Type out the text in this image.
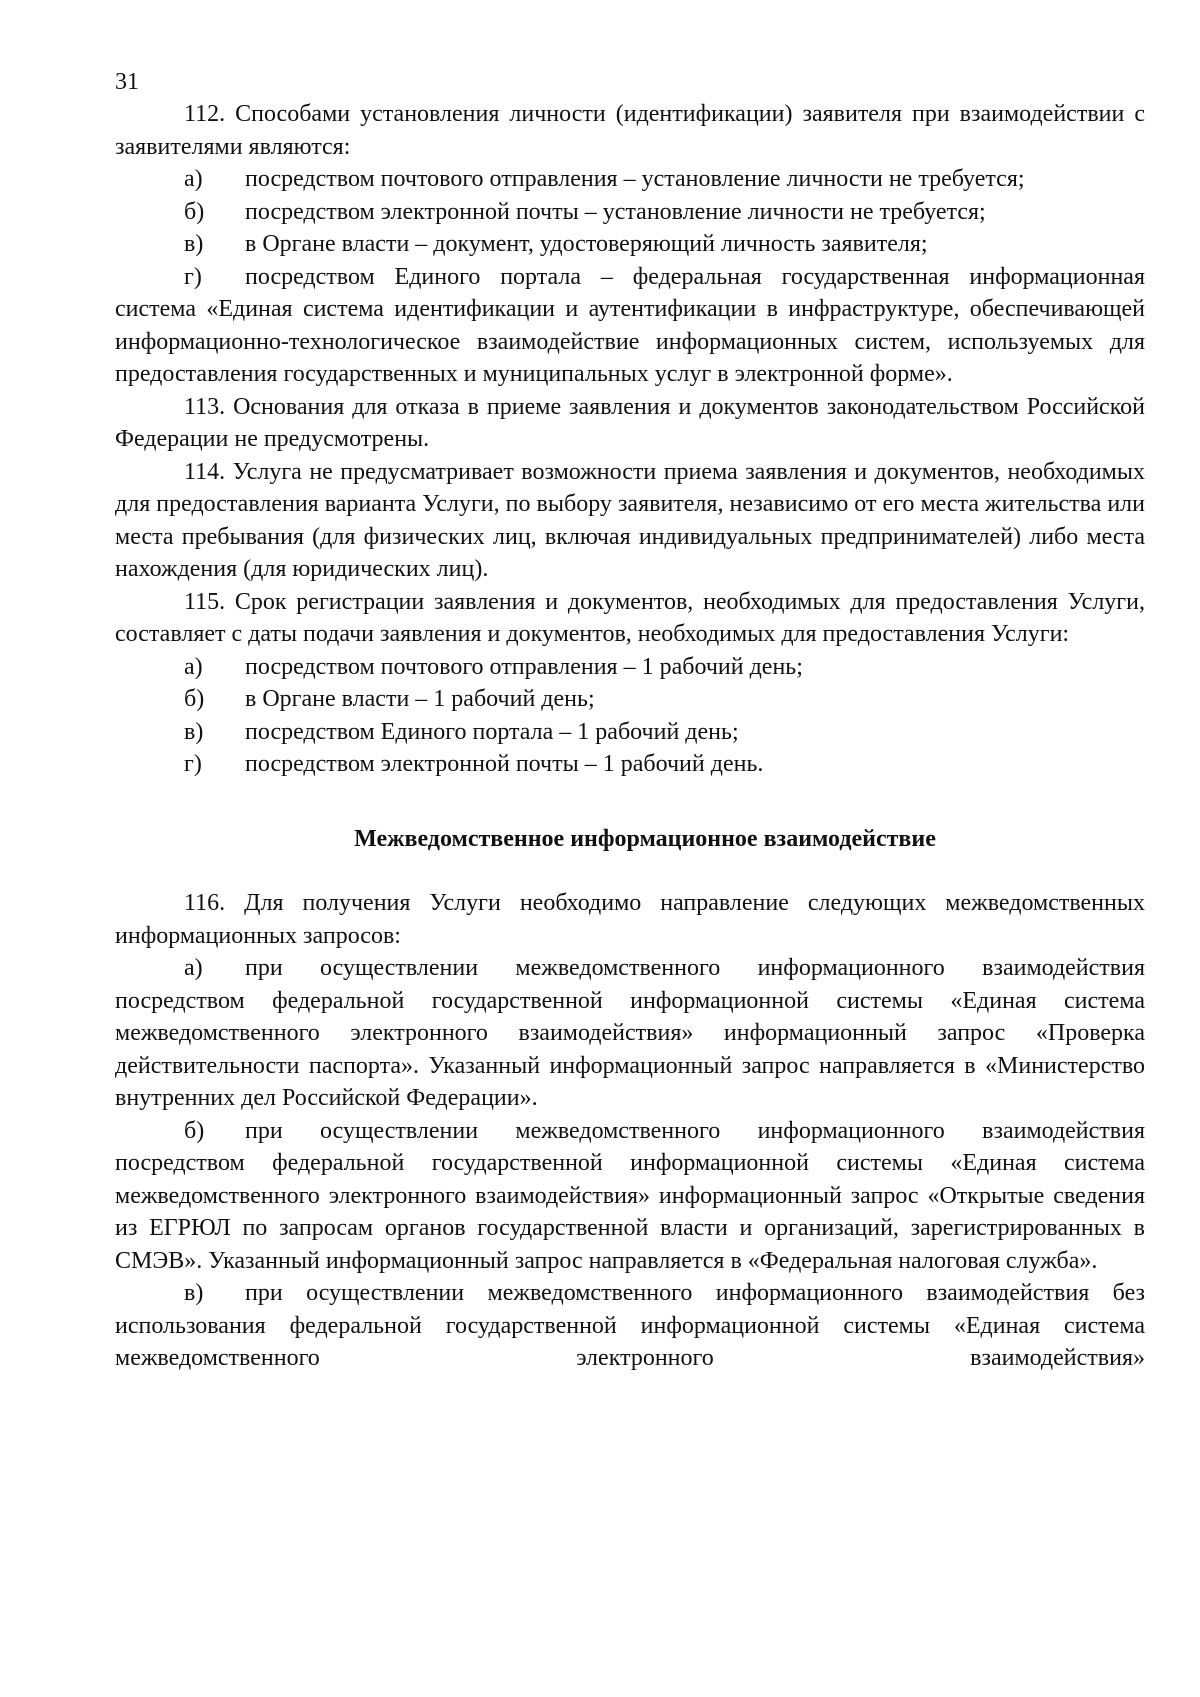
31

112. Способами установления личности (идентификации) заявителя при взаимодействии с заявителями являются:

а) посредством почтового отправления – установление личности не требуется;

б)	посредством электронной почты – установление личности не требуется;
в)	в Органе власти – документ, удостоверяющий личность заявителя;

г) посредством Единого портала – федеральная государственная информационная система «Единая система идентификации и аутентификации в инфраструктуре, обеспечивающей информационно-технологическое взаимодействие информационных систем, используемых для предоставления государственных и муниципальных услуг в электронной форме».

113. Основания для отказа в приеме заявления и документов законодательством Российской Федерации не предусмотрены.

114. Услуга не предусматривает возможности приема заявления и документов, необходимых для предоставления варианта Услуги, по выбору заявителя, независимо от его места жительства или места пребывания (для физических лиц, включая индивидуальных предпринимателей) либо места нахождения (для юридических лиц).

115. Срок регистрации заявления и документов, необходимых для предоставления Услуги, составляет с даты подачи заявления и документов, необходимых для предоставления Услуги:

а)	посредством почтового отправления – 1 рабочий день;
б)	в Органе власти – 1 рабочий день;
в)	посредством Единого портала – 1 рабочий день;
г)	посредством электронной почты – 1 рабочий день.

Межведомственное информационное взаимодействие

116. Для получения Услуги необходимо направление следующих межведомственных информационных запросов:

а) при осуществлении межведомственного информационного взаимодействия посредством федеральной государственной информационной системы «Единая система межведомственного электронного взаимодействия» информационный запрос «Проверка действительности паспорта». Указанный информационный запрос направляется в «Министерство внутренних дел Российской Федерации».

б) при осуществлении межведомственного информационного взаимодействия посредством федеральной государственной информационной системы «Единая система межведомственного электронного взаимодействия» информационный запрос «Открытые сведения из ЕГРЮЛ по запросам органов государственной власти и организаций, зарегистрированных в СМЭВ». Указанный информационный запрос направляется в «Федеральная налоговая служба».

в) при осуществлении межведомственного информационного взаимодействия без использования федеральной государственной информационной системы «Единая система межведомственного электронного взаимодействия»
